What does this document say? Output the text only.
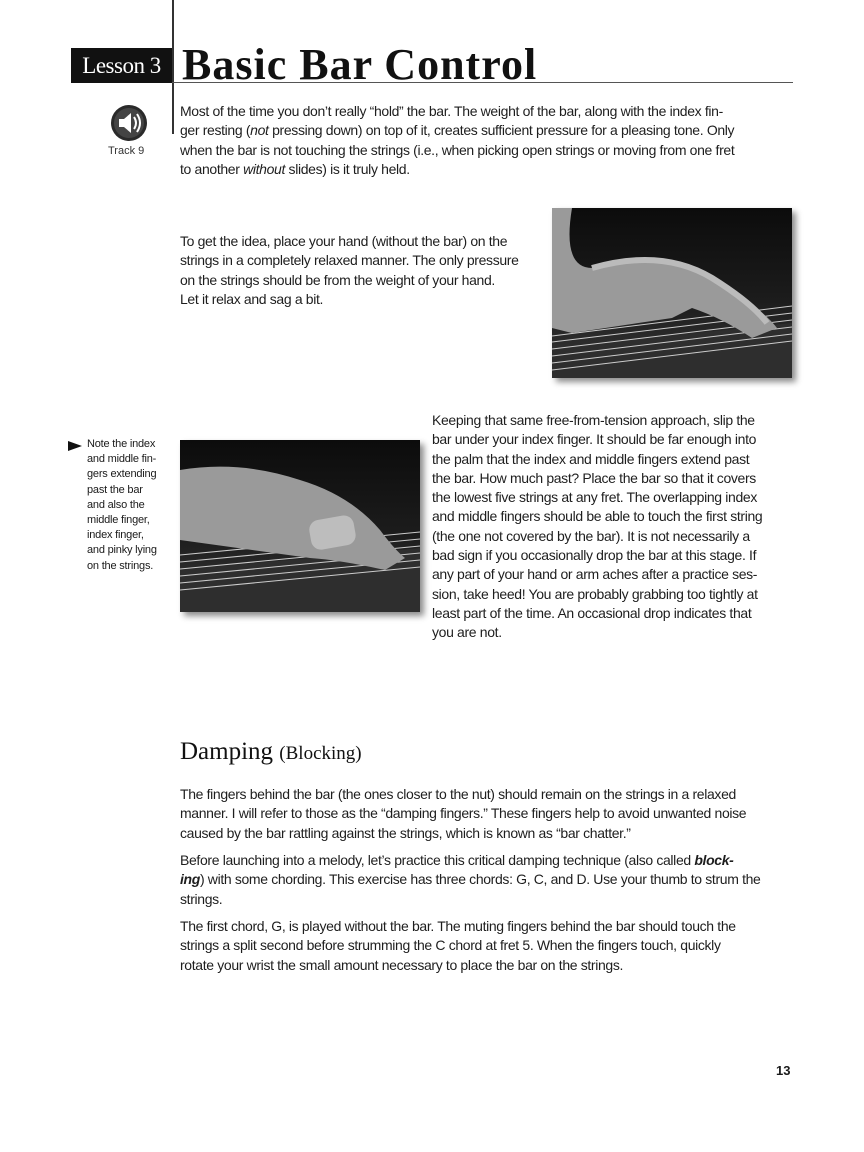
Lesson 3 Basic Bar Control
Track 9
Most of the time you don’t really “hold” the bar. The weight of the bar, along with the index fin-
ger resting (not pressing down) on top of it, creates sufficient pressure for a pleasing tone. Only
when the bar is not touching the strings (i.e., when picking open strings or moving from one fret
to another without slides) is it truly held.
To get the idea, place your hand (without the bar) on the
strings in a completely relaxed manner. The only pressure
on the strings should be from the weight of your hand.
Let it relax and sag a bit.
Note the index
and middle fin-
gers extending
past the bar
and also the
middle finger,
index finger,
and pinky lying
on the strings.
Keeping that same free-from-tension approach, slip the
bar under your index finger. It should be far enough into
the palm that the index and middle fingers extend past
the bar. How much past? Place the bar so that it covers
the lowest five strings at any fret. The overlapping index
and middle fingers should be able to touch the first string
(the one not covered by the bar). It is not necessarily a
bad sign if you occasionally drop the bar at this stage. If
any part of your hand or arm aches after a practice ses-
sion, take heed! You are probably grabbing too tightly at
least part of the time. An occasional drop indicates that
you are not.
Damping (Blocking)
The fingers behind the bar (the ones closer to the nut) should remain on the strings in a relaxed
manner. I will refer to those as the “damping fingers.” These fingers help to avoid unwanted noise
caused by the bar rattling against the strings, which is known as “bar chatter.”
Before launching into a melody, let’s practice this critical damping technique (also called block-
ing) with some chording. This exercise has three chords: G, C, and D. Use your thumb to strum the
strings.
The first chord, G, is played without the bar. The muting fingers behind the bar should touch the
strings a split second before strumming the C chord at fret 5. When the fingers touch, quickly
rotate your wrist the small amount necessary to place the bar on the strings.
13
